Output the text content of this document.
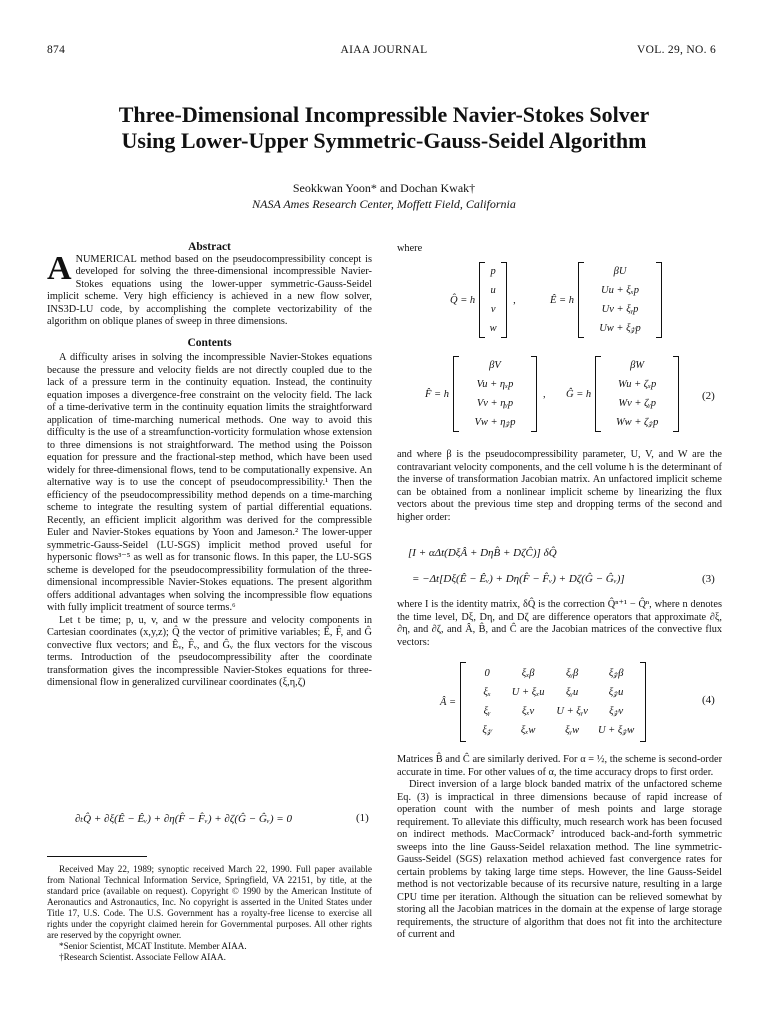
874	AIAA JOURNAL	VOL. 29, NO. 6
Three-Dimensional Incompressible Navier-Stokes Solver
Using Lower-Upper Symmetric-Gauss-Seidel Algorithm
Seokkwan Yoon* and Dochan Kwak†
NASA Ames Research Center, Moffett Field, California
Abstract

ANUMERICAL method based on the pseudocompressibility concept is developed for solving the three-dimensional incompressible Navier-Stokes equations using the lower-upper symmetric-Gauss-Seidel implicit scheme. Very high efficiency is achieved in a new flow solver, INS3D-LU code, by accomplishing the complete vectorizability of the algorithm on oblique planes of sweep in three dimensions.

Contents

A difficulty arises in solving the incompressible Navier-Stokes equations because the pressure and velocity fields are not directly coupled due to the lack of a pressure term in the continuity equation. Instead, the continuity equation imposes a divergence-free constraint on the velocity field. The lack of a time-derivative term in the continuity equation limits the straightforward application of time-marching numerical methods. One way to avoid this difficulty is the use of a streamfunction-vorticity formulation whose extension to three dimensions is not straightforward. The method using the Poisson equation for pressure and the fractional-step method, which have been used widely for three-dimensional flows, tend to be computationally expensive. An alternative way is to use the concept of pseudocompressibility.¹ Then the efficiency of the pseudocompressibility method depends on a time-marching scheme to integrate the resulting system of partial differential equations. Recently, an efficient implicit algorithm was derived for the compressible Euler and Navier-Stokes equations by Yoon and Jameson.² The lower-upper symmetric-Gauss-Seidel (LU-SGS) implicit method proved useful for hypersonic flows³⁻⁵ as well as for transonic flows. In this paper, the LU-SGS scheme is developed for the pseudocompressibility formulation of the three-dimensional incompressible Navier-Stokes equations. The present algorithm offers additional advantages when solving the incompressible flow equations with fully implicit treatment of source terms.⁶

Let t be time; p, u, v, and w the pressure and velocity components in Cartesian coordinates (x,y,z); Q̂ the vector of primitive variables; Ê, F̂, and Ĝ convective flux vectors; and Êᵥ, F̂ᵥ, and Ĝᵥ the flux vectors for the viscous terms. Introduction of the pseudocompressibility after the coordinate transformation gives the incompressible Navier-Stokes equations for three-dimensional flow in generalized curvilinear coordinates (ξ,η,ζ)

∂ₜQ̂ + ∂ξ(Ê − Êᵥ) + ∂η(F̂ − F̂ᵥ) + ∂ζ(Ĝ − Ĝᵥ) = 0	(1)

Received May 22, 1989; synoptic received March 22, 1990. Full paper available from National Technical Information Service, Springfield, VA 22151, by title, at the standard price (available on request). Copyright © 1990 by the American Institute of Aeronautics and Astronautics, Inc. No copyright is asserted in the United States under Title 17, U.S. Code. The U.S. Government has a royalty-free license to exercise all rights under the copyright claimed herein for Governmental purposes. All other rights are reserved by the copyright owner.

*Senior Scientist, MCAT Institute. Member AIAA.

†Research Scientist. Associate Fellow AIAA.

where
Q̂ = h
p
u
v
w
,	Ê = h
βU
Uu + ξₓp
Uv + ξᵧp
Uw + ξ𝓏p
F̂ = h
βV
Vu + ηₓp
Vv + ηᵧp
Vw + η𝓏p
, Ĝ = h
βW
Wu + ζₓp
Wv + ζᵧp
Ww + ζ𝓏p
(2)

and where β is the pseudocompressibility parameter, U, V, and W are the contravariant velocity components, and the cell volume h is the determinant of the inverse of transformation Jacobian matrix. An unfactored implicit scheme can be obtained from a nonlinear implicit scheme by linearizing the flux vectors about the previous time step and dropping terms of the second and higher order:

[I + αΔt(DξÂ + DηB̂ + DζĈ)] δQ̂
= −Δt[Dξ(Ê − Êᵥ) + Dη(F̂ − F̂ᵥ) + Dζ(Ĝ − Ĝᵥ)]	(3)

where I is the identity matrix, δQ̂ is the correction Q̂ⁿ⁺¹ − Q̂ⁿ, where n denotes the time level, Dξ, Dη, and Dζ are difference operators that approximate ∂ξ, ∂η, and ∂ζ, and Â, B̂, and Ĉ are the Jacobian matrices of the convective flux vectors:

Â =
0	ξₓβ	ξᵧβ	ξ𝓏β
ξₓ	U + ξₓu	ξᵧu	ξ𝓏u
ξᵧ	ξₓv	U + ξᵧv	ξ𝓏v
ξ𝓏	ξₓw	ξᵧw	U + ξ𝓏w
(4)

Matrices B̂ and Ĉ are similarly derived. For α = ½, the scheme is second-order accurate in time. For other values of α, the time accuracy drops to first order.

Direct inversion of a large block banded matrix of the unfactored scheme Eq. (3) is impractical in three dimensions because of rapid increase of operation count with the number of mesh points and large storage requirement. To alleviate this difficulty, much research work has been focused on indirect methods. MacCormack⁷ introduced back-and-forth symmetric sweeps into the line Gauss-Seidel relaxation method. The line symmetric-Gauss-Seidel (SGS) relaxation method achieved fast convergence rates for certain problems by taking large time steps. However, the line Gauss-Seidel method is not vectorizable because of its recursive nature, resulting in a large CPU time per iteration. Although the situation can be relieved somewhat by storing all the Jacobian matrices in the domain at the expense of large storage requirements, the structure of algorithm that does not fit into the architecture of current and
